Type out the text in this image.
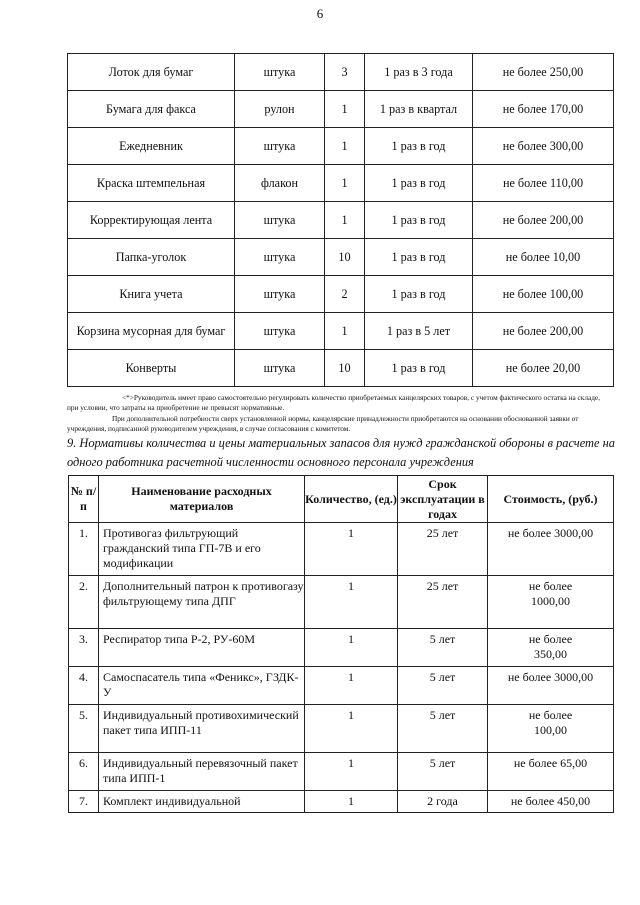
6
Лоток для бумаг	штука	3	1 раз в 3 года	не более 250,00
Бумага для факса	рулон	1	1 раз в квартал	не более 170,00
Ежедневник	штука	1	1 раз в год	не более 300,00
Краска штемпельная	флакон	1	1 раз в год	не более 110,00
Корректирующая лента	штука	1	1 раз в год	не более 200,00
Папка-уголок	штука	10	1 раз в год	не более 10,00
Книга учета	штука	2	1 раз в год	не более 100,00
Корзина мусорная для бумаг	штука	1	1 раз в 5 лет	не более 200,00
Конверты	штука	10	1 раз в год	не более 20,00
<*>Руководитель имеет право самостоятельно регулировать количество приобретаемых канцелярских товаров, с учетом фактического остатка на складе, при условии, что затраты на приобретение не превысят нормативные.
При дополнительной потребности сверх установленной нормы, канцелярские принадлежности приобретаются на основании обоснованной заявки от учреждения, подписанной руководителем учреждения, в случае согласования с комитетом.
9. Нормативы количества и цены материальных запасов для нужд гражданской обороны в расчете на одного работника расчетной численности основного персонала учреждения
№ п/п	Наименование расходных материалов	Количество, (ед.)	Срок эксплуатации в годах	Стоимость, (руб.)
1.	Противогаз фильтрующий гражданский типа ГП-7В и его модификации	1	25 лет	не более 3000,00
2.	Дополнительный патрон к противогазу фильтрующему типа ДПГ	1	25 лет	не более 1000,00
3.	Респиратор типа Р-2, РУ-60М	1	5 лет	не более 350,00
4.	Самоспасатель типа «Феникс», ГЗДК-У	1	5 лет	не более 3000,00
5.	Индивидуальный противохимический пакет типа ИПП-11	1	5 лет	не более 100,00
6.	Индивидуальный перевязочный пакет типа ИПП-1	1	5 лет	не более 65,00
7.	Комплект индивидуальной	1	2 года	не более 450,00
